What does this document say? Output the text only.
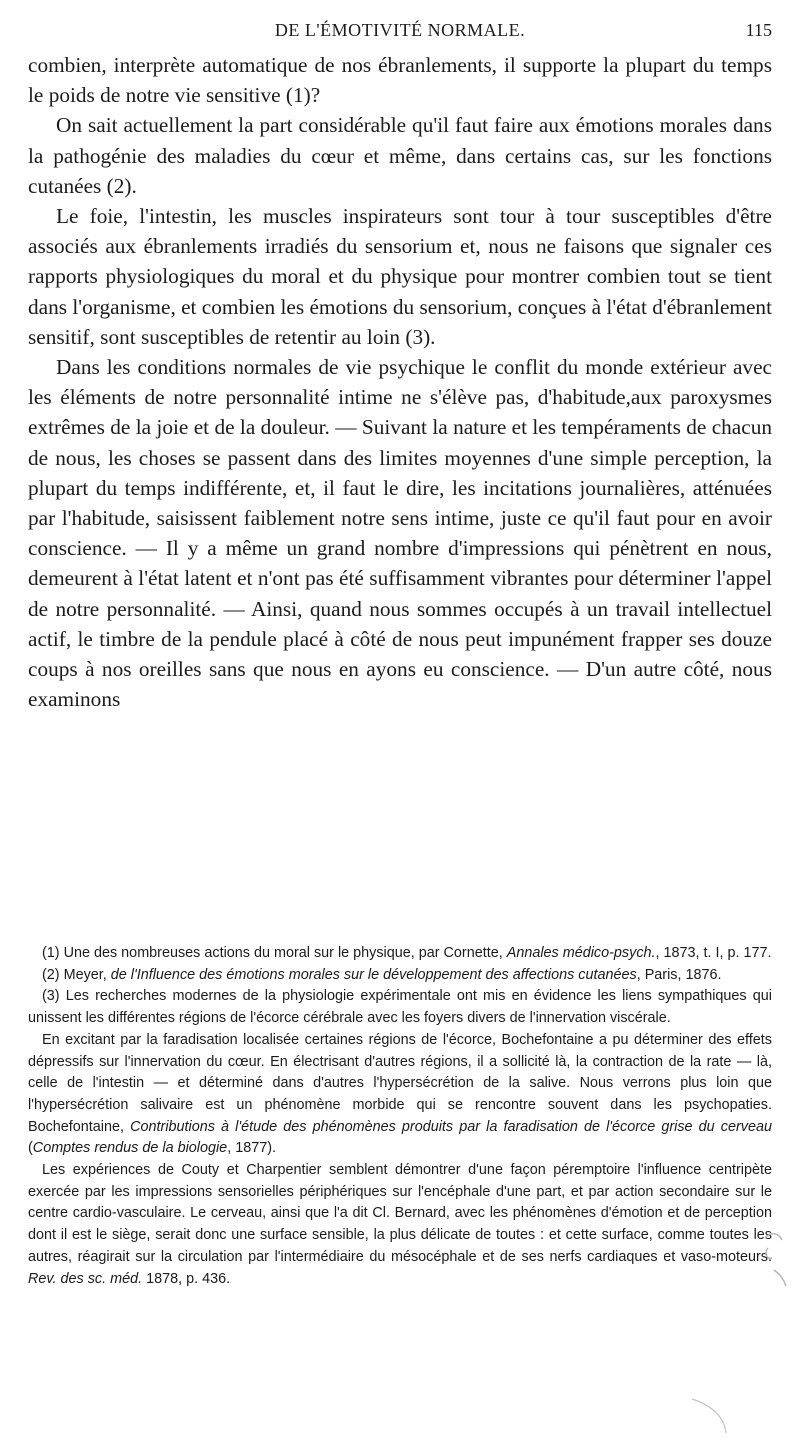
DE L'ÉMOTIVITÉ NORMALE.	115

combien, interprète automatique de nos ébranlements, il supporte la plupart du temps le poids de notre vie sensitive (1)?

On sait actuellement la part considérable qu'il faut faire aux émotions morales dans la pathogénie des maladies du cœur et même, dans certains cas, sur les fonctions cutanées (2).

Le foie, l'intestin, les muscles inspirateurs sont tour à tour susceptibles d'être associés aux ébranlements irradiés du sensorium et, nous ne faisons que signaler ces rapports physiologiques du moral et du physique pour montrer combien tout se tient dans l'organisme, et combien les émotions du sensorium, conçues à l'état d'ébranlement sensitif, sont susceptibles de retentir au loin (3).

Dans les conditions normales de vie psychique le conflit du monde extérieur avec les éléments de notre personnalité intime ne s'élève pas, d'habitude,aux paroxysmes extrêmes de la joie et de la douleur. — Suivant la nature et les tempéraments de chacun de nous, les choses se passent dans des limites moyennes d'une simple perception, la plupart du temps indifférente, et, il faut le dire, les incitations journalières, atténuées par l'habitude, saisissent faiblement notre sens intime, juste ce qu'il faut pour en avoir conscience. — Il y a même un grand nombre d'impressions qui pénètrent en nous, demeurent à l'état latent et n'ont pas été suffisamment vibrantes pour déterminer l'appel de notre personnalité. — Ainsi, quand nous sommes occupés à un travail intellectuel actif, le timbre de la pendule placé à côté de nous peut impunément frapper ses douze coups à nos oreilles sans que nous en ayons eu conscience. — D'un autre côté, nous examinons

(1) Une des nombreuses actions du moral sur le physique, par Cornette, Annales médico-psych., 1873, t. I, p. 177.

(2) Meyer, de l'Influence des émotions morales sur le développement des affections cutanées, Paris, 1876.

(3) Les recherches modernes de la physiologie expérimentale ont mis en évidence les liens sympathiques qui unissent les différentes régions de l'écorce cérébrale avec les foyers divers de l'innervation viscérale.

En excitant par la faradisation localisée certaines régions de l'écorce, Bochefontaine a pu déterminer des effets dépressifs sur l'innervation du cœur. En électrisant d'autres régions, il a sollicité là, la contraction de la rate — là, celle de l'intestin — et déterminé dans d'autres l'hypersécrétion de la salive. Nous verrons plus loin que l'hypersécrétion salivaire est un phénomène morbide qui se rencontre souvent dans les psychopaties. Bochefontaine, Contributions à l'étude des phénomènes produits par la faradisation de l'écorce grise du cerveau (Comptes rendus de la biologie, 1877).

Les expériences de Couty et Charpentier semblent démontrer d'une façon péremptoire l'influence centripète exercée par les impressions sensorielles périphériques sur l'encéphale d'une part, et par action secondaire sur le centre cardio-vasculaire. Le cerveau, ainsi que l'a dit Cl. Bernard, avec les phénomènes d'émotion et de perception dont il est le siège, serait donc une surface sensible, la plus délicate de toutes : et cette surface, comme toutes les autres, réagirait sur la circulation par l'intermédiaire du mésocéphale et de ses nerfs cardiaques et vaso-moteurs. Rev. des sc. méd. 1878, p. 436.
